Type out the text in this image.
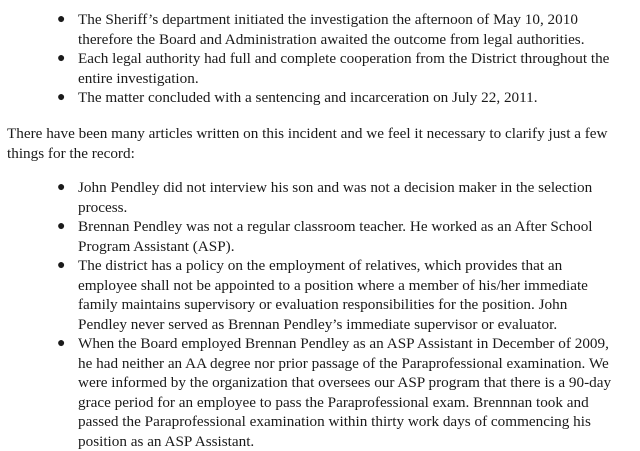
● The Sheriff’s department initiated the investigation the afternoon of May 10, 2010 therefore the Board and Administration awaited the outcome from legal authorities.
● Each legal authority had full and complete cooperation from the District throughout the entire investigation.
● The matter concluded with a sentencing and incarceration on July 22, 2011.

There have been many articles written on this incident and we feel it necessary to clarify just a few things for the record:

● John Pendley did not interview his son and was not a decision maker in the selection process.
● Brennan Pendley was not a regular classroom teacher. He worked as an After School Program Assistant (ASP).
● The district has a policy on the employment of relatives, which provides that an employee shall not be appointed to a position where a member of his/her immediate family maintains supervisory or evaluation responsibilities for the position. John Pendley never served as Brennan Pendley’s immediate supervisor or evaluator.
● When the Board employed Brennan Pendley as an ASP Assistant in December of 2009, he had neither an AA degree nor prior passage of the Paraprofessional examination. We were informed by the organization that oversees our ASP program that there is a 90-day grace period for an employee to pass the Paraprofessional exam. Brennnan took and passed the Paraprofessional examination within thirty work days of commencing his position as an ASP Assistant.
